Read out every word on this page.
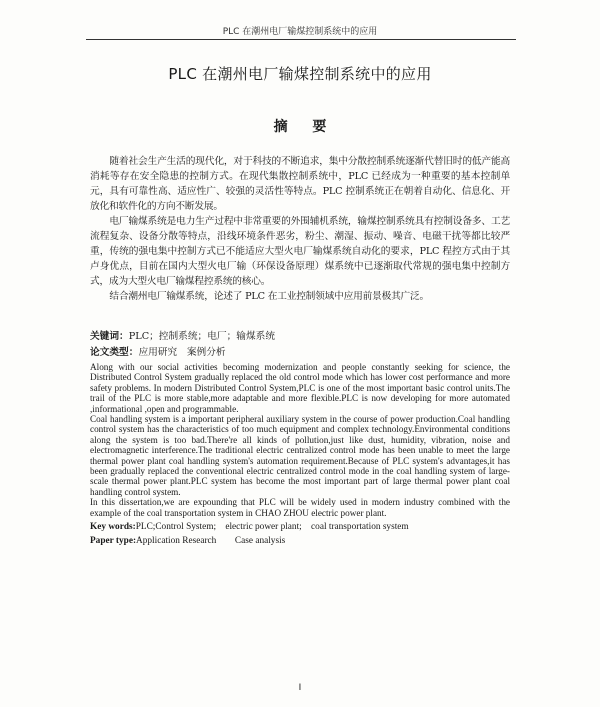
PLC 在潮州电厂输煤控制系统中的应用
PLC 在潮州电厂输煤控制系统中的应用
摘 要

随着社会生产生活的现代化，对于科技的不断追求，集中分散控制系统逐渐代替旧时的低产能高消耗等存在安全隐患的控制方式。在现代集散控制系统中，PLC 已经成为一种重要的基本控制单元，具有可靠性高、适应性广、较强的灵活性等特点。PLC 控制系统正在朝着自动化、信息化、开放化和软件化的方向不断发展。

电厂输煤系统是电力生产过程中非常重要的外围辅机系统，输煤控制系统具有控制设备多、工艺流程复杂、设备分散等特点，沿线环境条件恶劣，粉尘、潮湿、振动、噪音、电磁干扰等都比较严重，传统的强电集中控制方式已不能适应大型火电厂输煤系统自动化的要求，PLC 程控方式由于其卢身优点，目前在国内大型火电厂输（环保设备原理）煤系统中已逐渐取代常规的强电集中控制方式，成为大型火电厂输煤程控系统的核心。

结合潮州电厂输煤系统，论述了 PLC 在工业控制领域中应用前景极其广泛。

关键词：PLC；控制系统；电厂；输煤系统
论文类型：应用研究　案例分析

Along with our social activities becoming modernization and people constantly seeking for science, the Distributed Control System gradually replaced the old control mode which has lower cost performance and more safety problems. In modern Distributed Control System,PLC is one of the most important basic control units.The trail of the PLC is more stable,more adaptable and more flexible.PLC is now developing for more automated ,informational ,open and programmable.

Coal handling system is a important peripheral auxiliary system in the course of power production.Coal handling control system has the characteristics of too much equipment and complex technology.Environmental conditions along the system is too bad.There're all kinds of pollution,just like dust, humidity, vibration, noise and electromagnetic interference.The traditional electric centralized control mode has been unable to meet the large thermal power plant coal handling system's automation requirement.Because of PLC system's advantages,it has been gradually replaced the conventional electric centralized control mode in the coal handling system of large-scale thermal power plant.PLC system has become the most important part of large thermal power plant coal handling control system.

In this dissertation,we are expounding that PLC will be widely used in modern industry combined with the example of the coal transportation system in CHAO ZHOU electric power plant.

Key words:PLC;Control System;　electric power plant;　coal transportation system
Paper type:Application Research　　Case analysis
I
